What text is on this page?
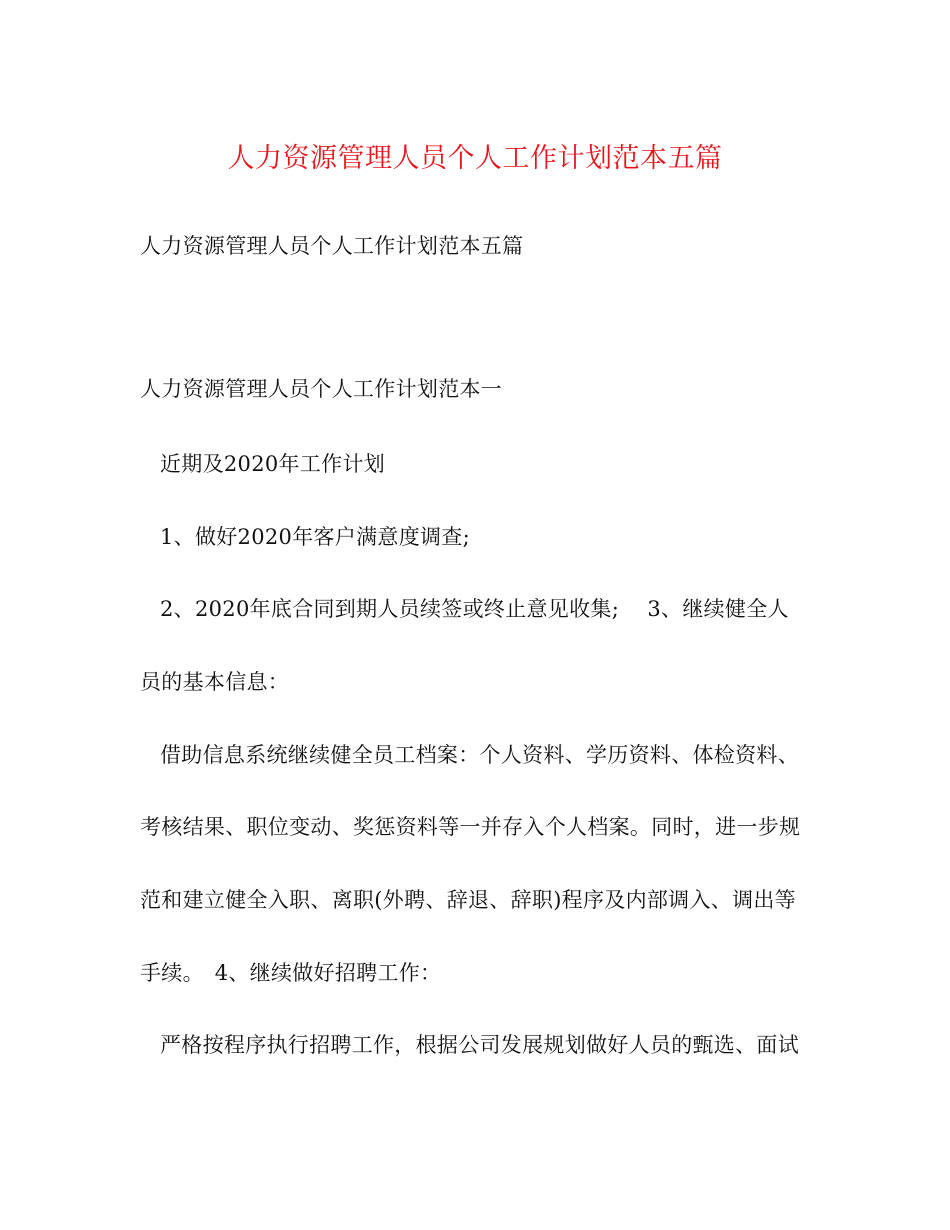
人力资源管理人员个人工作计划范本五篇
人力资源管理人员个人工作计划范本五篇
人力资源管理人员个人工作计划范本一
近期及2020年工作计划
1、做好2020年客户满意度调查;
2、2020年底合同到期人员续签或终止意见收集;　 3、继续健全人
员的基本信息：
借助信息系统继续健全员工档案：个人资料、学历资料、体检资料、
考核结果、职位变动、奖惩资料等一并存入个人档案。同时，进一步规
范和建立健全入职、离职(外聘、辞退、辞职)程序及内部调入、调出等
手续。　4、继续做好招聘工作：
严格按程序执行招聘工作，根据公司发展规划做好人员的甄选、面试
